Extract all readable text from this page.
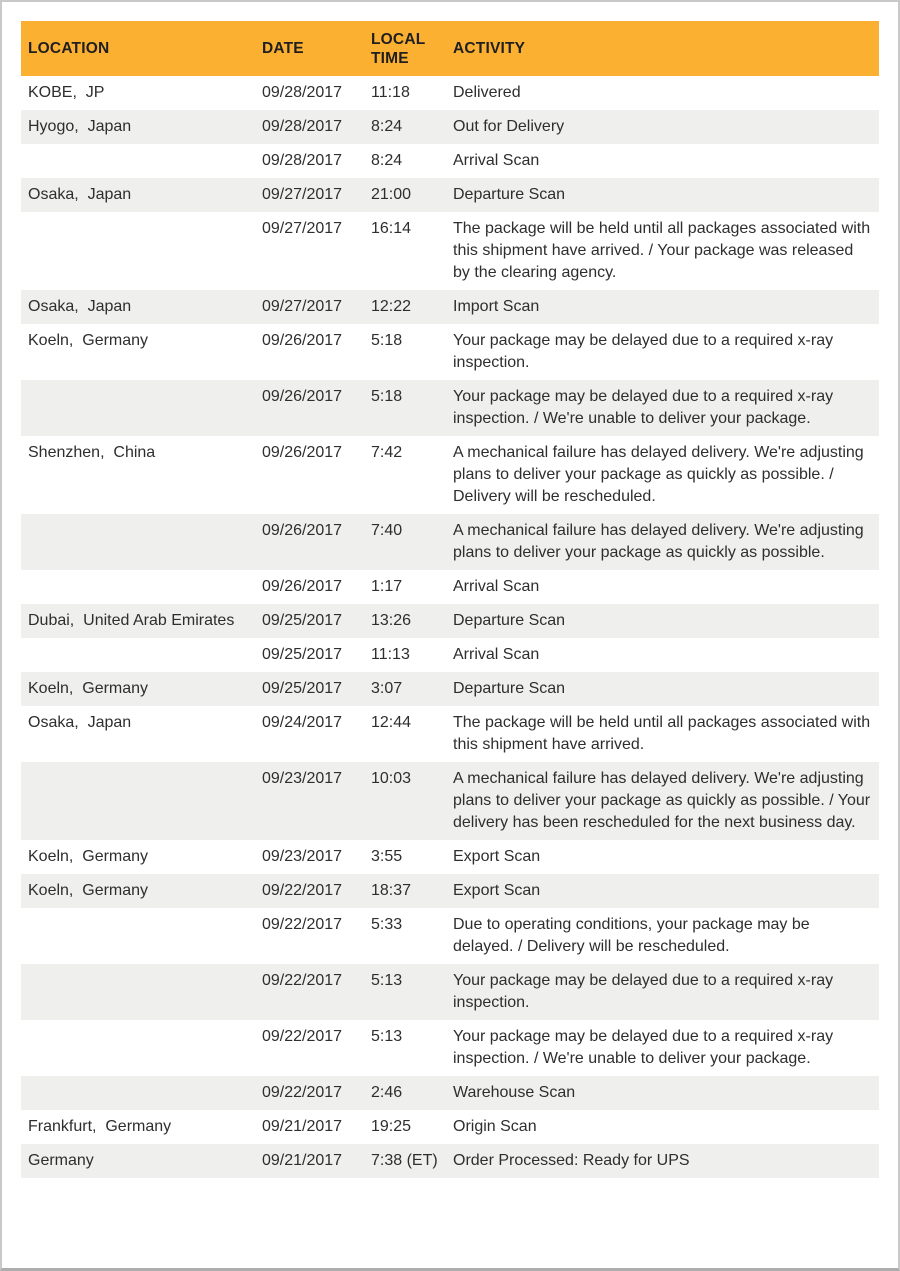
LOCATION	DATE	LOCAL TIME	ACTIVITY
KOBE,  JP	09/28/2017	11:18	Delivered
Hyogo,  Japan	09/28/2017	8:24	Out for Delivery
	09/28/2017	8:24	Arrival Scan
Osaka,  Japan	09/27/2017	21:00	Departure Scan
	09/27/2017	16:14	The package will be held until all packages associated with this shipment have arrived. / Your package was released by the clearing agency.
Osaka,  Japan	09/27/2017	12:22	Import Scan
Koeln,  Germany	09/26/2017	5:18	Your package may be delayed due to a required x-ray inspection.
	09/26/2017	5:18	Your package may be delayed due to a required x-ray inspection. / We're unable to deliver your package.
Shenzhen,  China	09/26/2017	7:42	A mechanical failure has delayed delivery. We're adjusting plans to deliver your package as quickly as possible. / Delivery will be rescheduled.
	09/26/2017	7:40	A mechanical failure has delayed delivery. We're adjusting plans to deliver your package as quickly as possible.
	09/26/2017	1:17	Arrival Scan
Dubai,  United Arab Emirates	09/25/2017	13:26	Departure Scan
	09/25/2017	11:13	Arrival Scan
Koeln,  Germany	09/25/2017	3:07	Departure Scan
Osaka,  Japan	09/24/2017	12:44	The package will be held until all packages associated with this shipment have arrived.
	09/23/2017	10:03	A mechanical failure has delayed delivery. We're adjusting plans to deliver your package as quickly as possible. / Your delivery has been rescheduled for the next business day.
Koeln,  Germany	09/23/2017	3:55	Export Scan
Koeln,  Germany	09/22/2017	18:37	Export Scan
	09/22/2017	5:33	Due to operating conditions, your package may be delayed. / Delivery will be rescheduled.
	09/22/2017	5:13	Your package may be delayed due to a required x-ray inspection.
	09/22/2017	5:13	Your package may be delayed due to a required x-ray inspection. / We're unable to deliver your package.
	09/22/2017	2:46	Warehouse Scan
Frankfurt,  Germany	09/21/2017	19:25	Origin Scan
Germany	09/21/2017	7:38 (ET)	Order Processed: Ready for UPS
